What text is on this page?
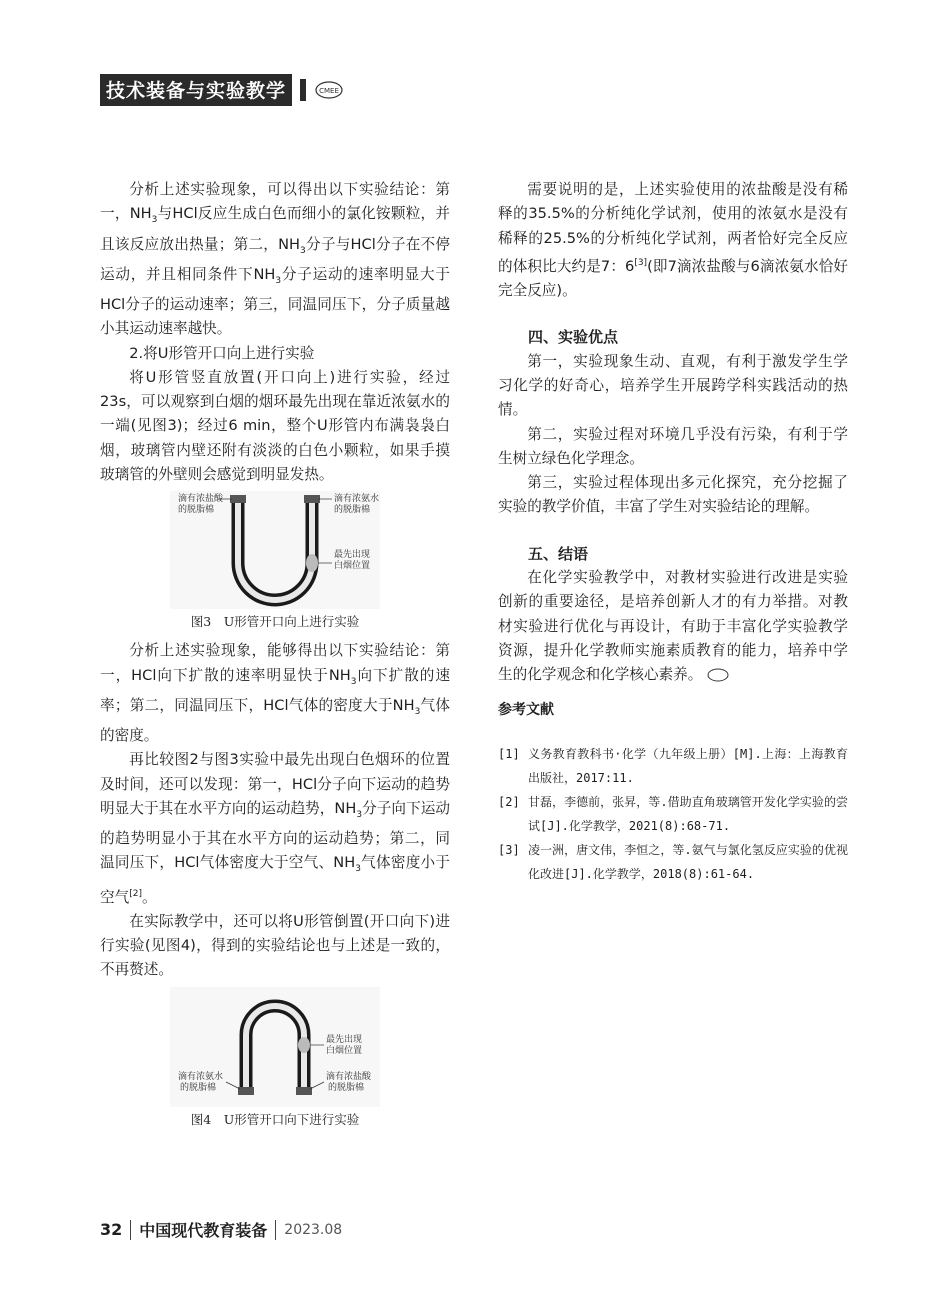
技术装备与实验教学	CMEE

分析上述实验现象，可以得出以下实验结论：第一，$NH_3$与HCl反应生成白色而细小的氯化铵颗粒，并且该反应放出热量；第二，$NH_3$分子与HCl分子在不停运动，并且相同条件下$NH_3$分子运动的速率明显大于HCl分子的运动速率；第三，同温同压下，分子质量越小其运动速率越快。

2.将U形管开口向上进行实验

将U形管竖直放置(开口向上)进行实验，经过23s，可以观察到白烟的烟环最先出现在靠近浓氨水的一端(见图3)；经过6 min，整个U形管内布满袅袅白烟，玻璃管内壁还附有淡淡的白色小颗粒，如果手摸玻璃管的外壁则会感觉到明显发热。

滴有浓盐酸的脱脂棉
滴有浓氨水的脱脂棉
最先出现白烟位置
图3　U形管开口向上进行实验

分析上述实验现象，能够得出以下实验结论：第一，HCl向下扩散的速率明显快于$NH_3$向下扩散的速率；第二，同温同压下，HCl气体的密度大于$NH_3$气体的密度。

再比较图2与图3实验中最先出现白色烟环的位置及时间，还可以发现：第一，HCl分子向下运动的趋势明显大于其在水平方向的运动趋势，$NH_3$分子向下运动的趋势明显小于其在水平方向的运动趋势；第二，同温同压下，HCl气体密度大于空气、$NH_3$气体密度小于空气[2]。

在实际教学中，还可以将U形管倒置(开口向下)进行实验(见图4)，得到的实验结论也与上述是一致的，不再赘述。

最先出现白烟位置
滴有浓氨水的脱脂棉
滴有浓盐酸的脱脂棉
图4　U形管开口向下进行实验

需要说明的是，上述实验使用的浓盐酸是没有稀释的35.5%的分析纯化学试剂，使用的浓氨水是没有稀释的25.5%的分析纯化学试剂，两者恰好完全反应的体积比大约是7：6[3](即7滴浓盐酸与6滴浓氨水恰好完全反应)。

四、实验优点

第一，实验现象生动、直观，有利于激发学生学习化学的好奇心，培养学生开展跨学科实践活动的热情。

第二，实验过程对环境几乎没有污染，有利于学生树立绿色化学理念。

第三，实验过程体现出多元化探究，充分挖掘了实验的教学价值，丰富了学生对实验结论的理解。

五、结语

在化学实验教学中，对教材实验进行改进是实验创新的重要途径，是培养创新人才的有力举措。对教材实验进行优化与再设计，有助于丰富化学实验教学资源，提升化学教师实施素质教育的能力，培养中学生的化学观念和化学核心素养。

参考文献
[1] 义务教育教科书·化学（九年级上册）[M].上海：上海教育出版社，2017:11.
[2] 甘磊，李德前，张昇，等.借助直角玻璃管开发化学实验的尝试[J].化学教学，2021(8):68-71.
[3] 凌一洲，唐文伟，李恒之，等.氨气与氯化氢反应实验的优视化改进[J].化学教学，2018(8):61-64.
32 中国现代教育装备 2023.08
